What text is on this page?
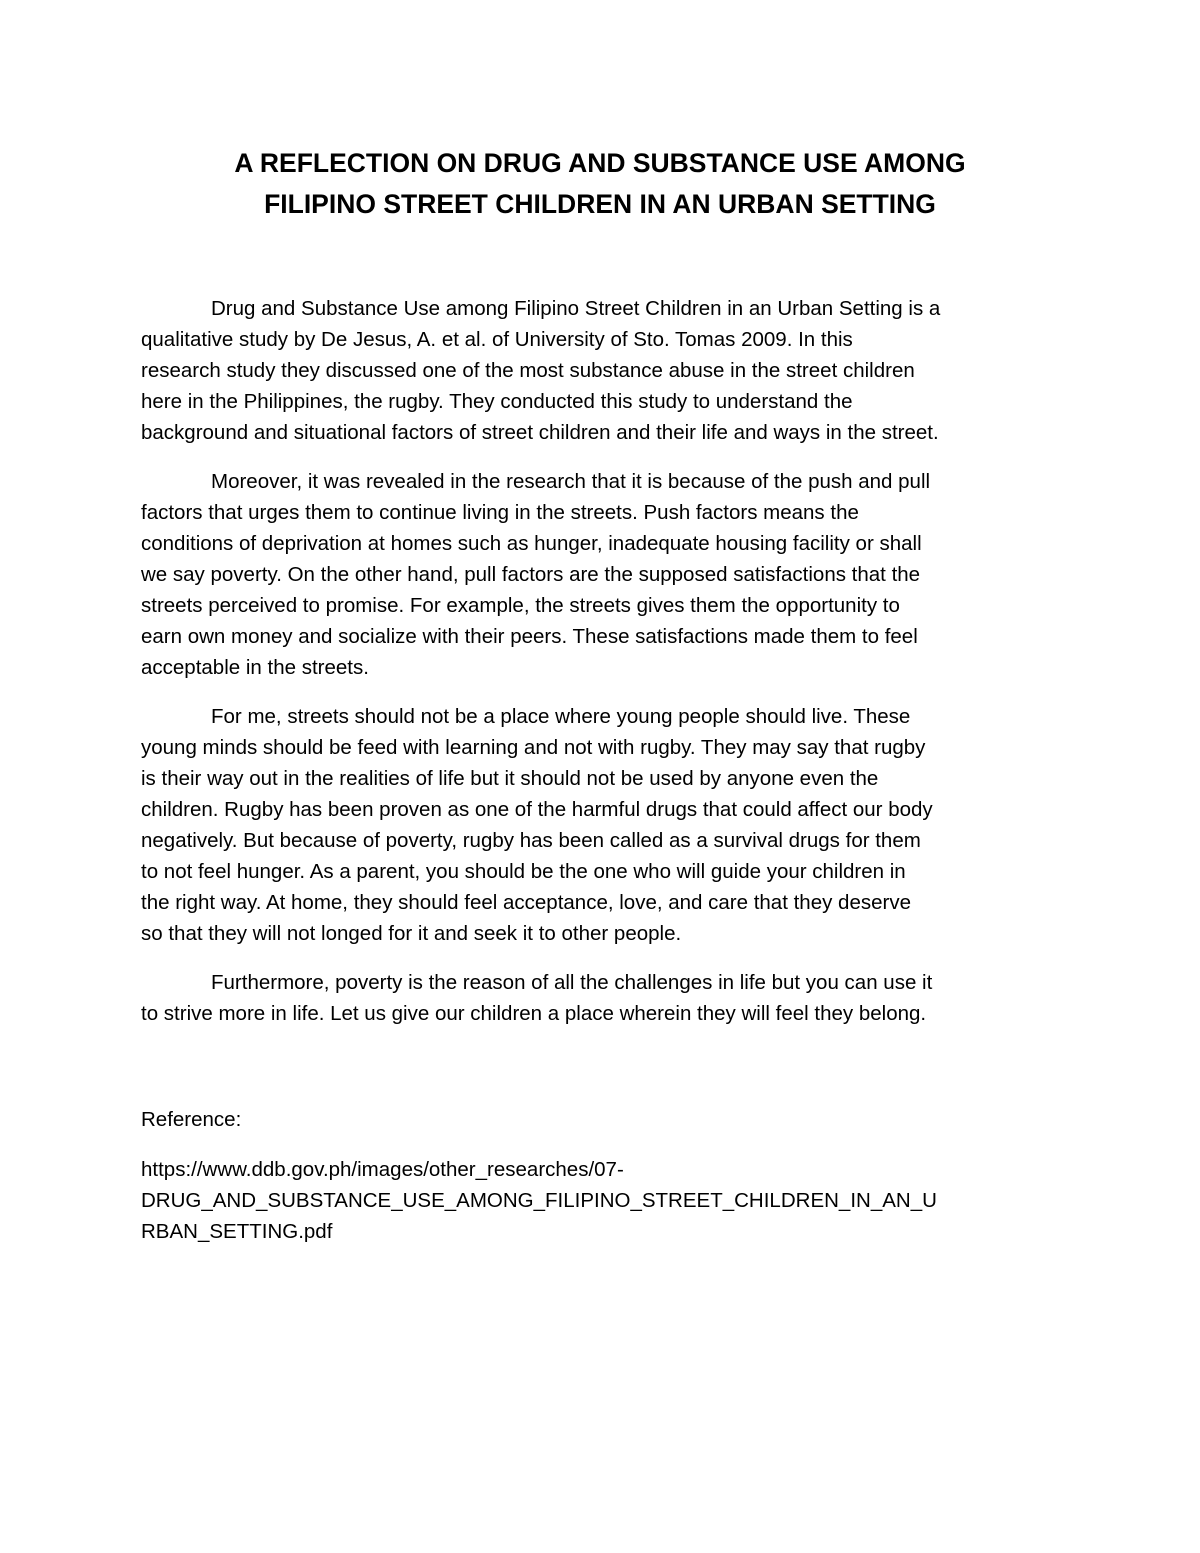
A REFLECTION ON DRUG AND SUBSTANCE USE AMONG
FILIPINO STREET CHILDREN IN AN URBAN SETTING

Drug and Substance Use among Filipino Street Children in an Urban Setting is a
qualitative study by De Jesus, A. et al. of University of Sto. Tomas 2009. In this
research study they discussed one of the most substance abuse in the street children
here in the Philippines, the rugby. They conducted this study to understand the
background and situational factors of street children and their life and ways in the street.

Moreover, it was revealed in the research that it is because of the push and pull
factors that urges them to continue living in the streets. Push factors means the
conditions of deprivation at homes such as hunger, inadequate housing facility or shall
we say poverty. On the other hand, pull factors are the supposed satisfactions that the
streets perceived to promise. For example, the streets gives them the opportunity to
earn own money and socialize with their peers. These satisfactions made them to feel
acceptable in the streets.

For me, streets should not be a place where young people should live. These
young minds should be feed with learning and not with rugby. They may say that rugby
is their way out in the realities of life but it should not be used by anyone even the
children. Rugby has been proven as one of the harmful drugs that could affect our body
negatively. But because of poverty, rugby has been called as a survival drugs for them
to not feel hunger. As a parent, you should be the one who will guide your children in
the right way. At home, they should feel acceptance, love, and care that they deserve
so that they will not longed for it and seek it to other people.

Furthermore, poverty is the reason of all the challenges in life but you can use it
to strive more in life. Let us give our children a place wherein they will feel they belong.

Reference:

https://www.ddb.gov.ph/images/other_researches/07-
DRUG_AND_SUBSTANCE_USE_AMONG_FILIPINO_STREET_CHILDREN_IN_AN_U
RBAN_SETTING.pdf
